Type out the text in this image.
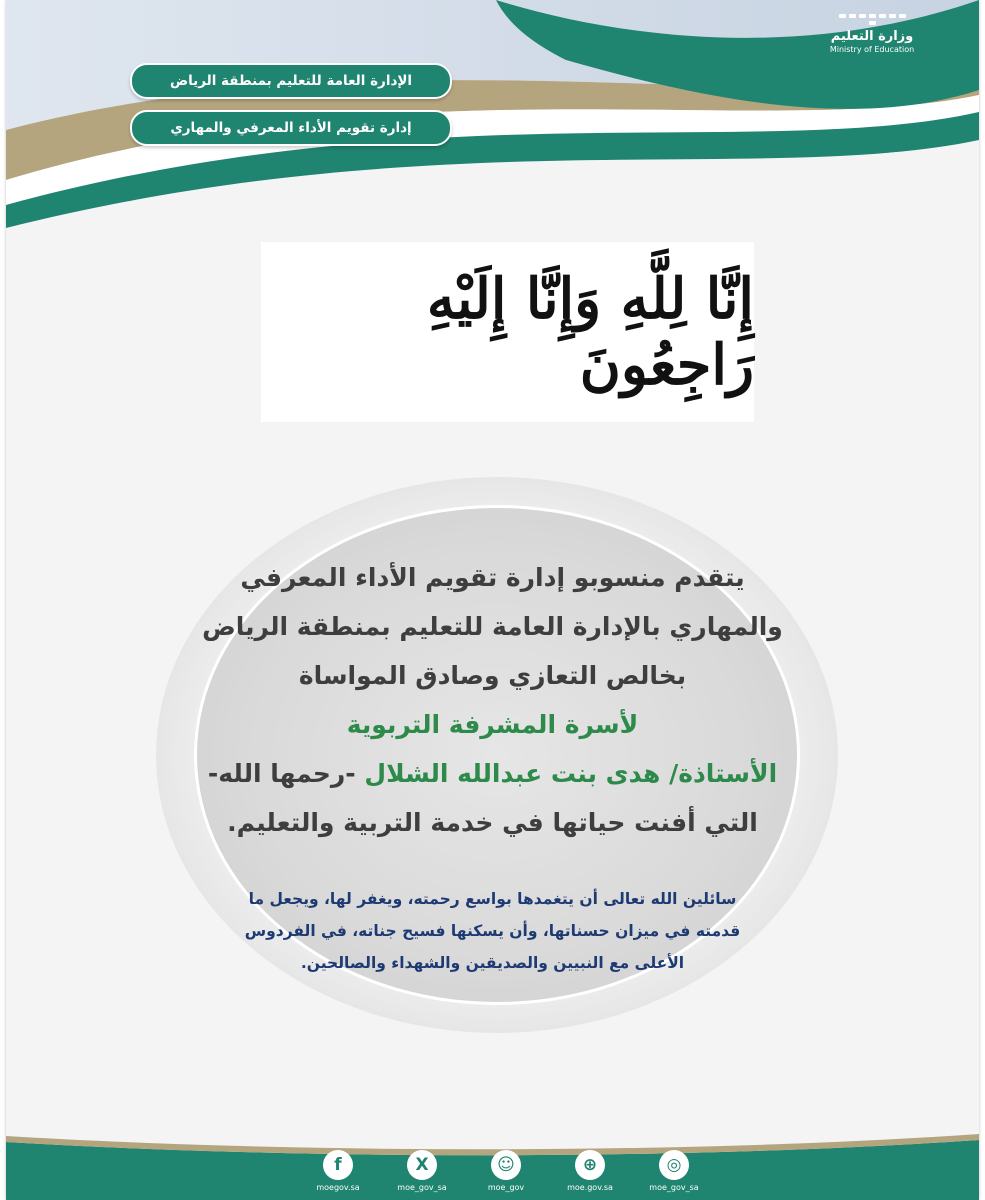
وزارة التعليم
Ministry of Education
الإدارة العامة للتعليم بمنطقة الرياض
إدارة تقويم الأداء المعرفي والمهاري
إِنَّا لِلَّهِ وَإِنَّا إِلَيْهِ رَاجِعُونَ
يتقدم منسوبو إدارة تقويم الأداء المعرفي
والمهاري بالإدارة العامة للتعليم بمنطقة الرياض
بخالص التعازي وصادق المواساة
لأسرة المشرفة التربوية
الأستاذة/ هدى بنت عبدالله الشلال -رحمها الله-
التي أفنت حياتها في خدمة التربية والتعليم.
سائلين الله تعالى أن يتغمدها بواسع رحمته، ويغفر لها، ويجعل ما
قدمته في ميزان حسناتها، وأن يسكنها فسيح جناته، في الفردوس
الأعلى مع النبيين والصديقين والشهداء والصالحين.
f
moegov.sa
X
moe_gov_sa
☺
moe_gov
⊕
moe.gov.sa
◎
moe_gov_sa
